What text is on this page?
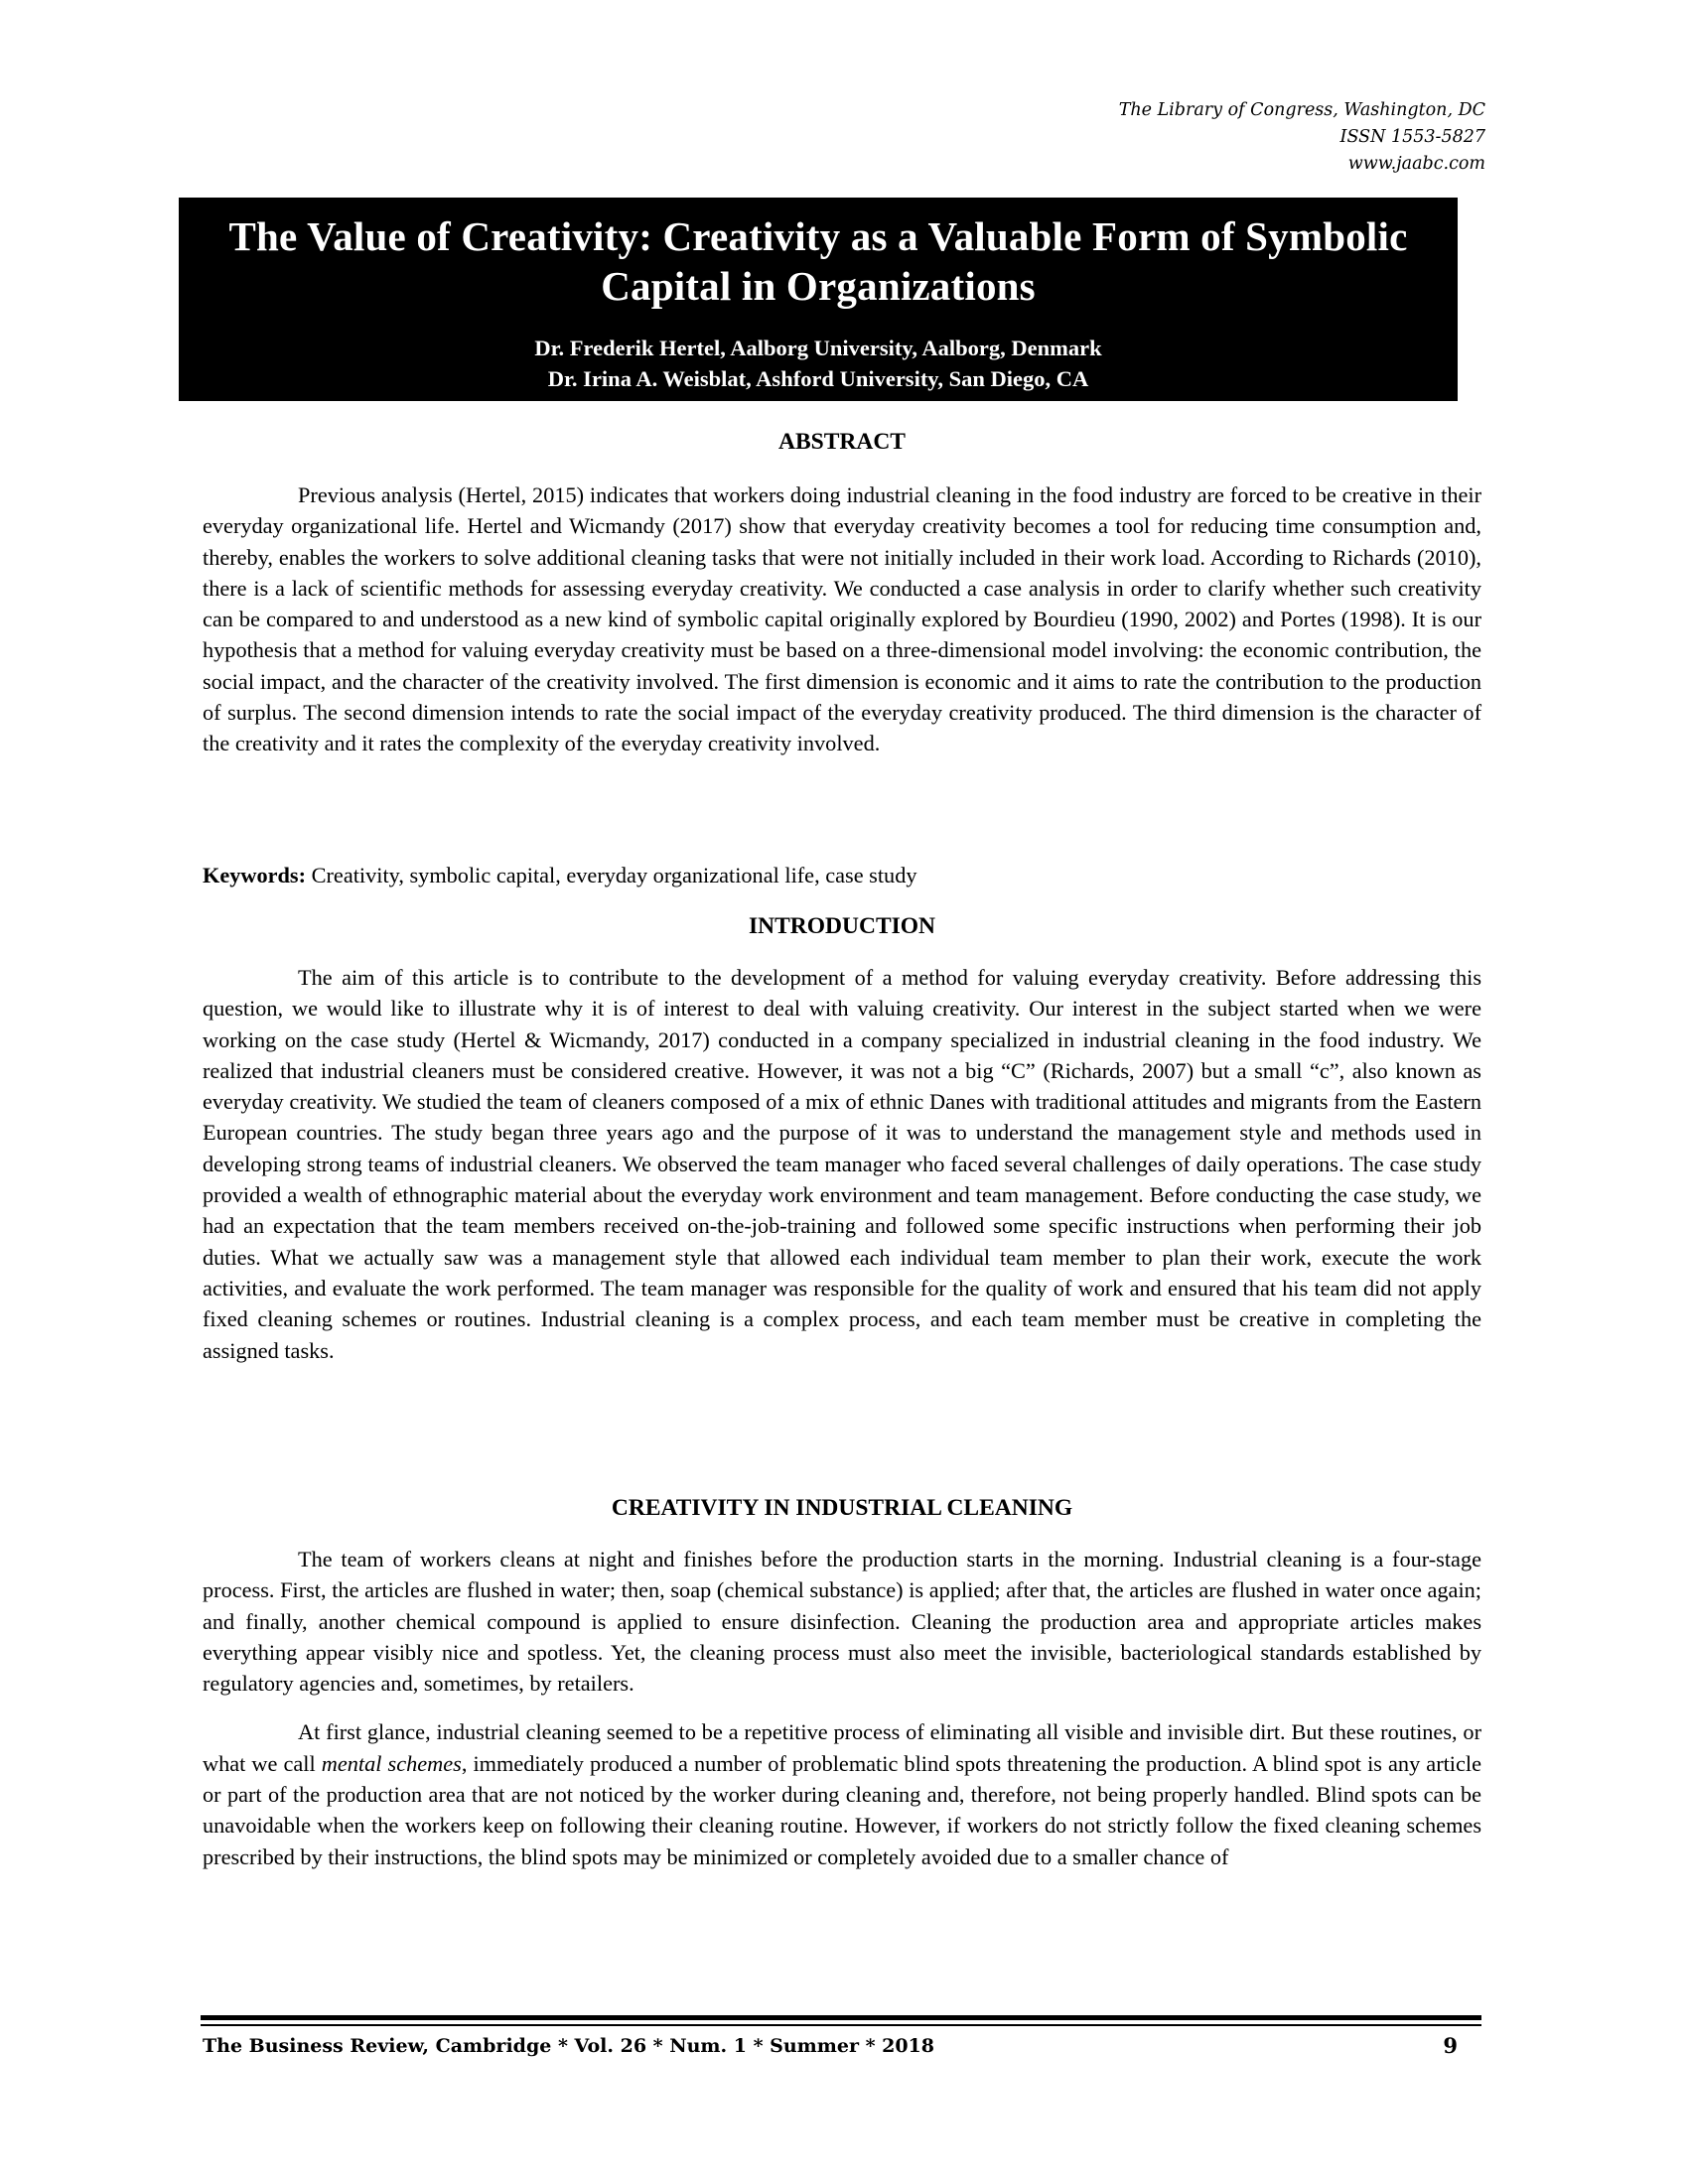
The Library of Congress, Washington, DC
ISSN 1553-5827
www.jaabc.com
The Value of Creativity: Creativity as a Valuable Form of Symbolic Capital in Organizations
Dr. Frederik Hertel, Aalborg University, Aalborg, Denmark
Dr. Irina A. Weisblat, Ashford University, San Diego, CA
ABSTRACT

Previous analysis (Hertel, 2015) indicates that workers doing industrial cleaning in the food industry are forced to be creative in their everyday organizational life. Hertel and Wicmandy (2017) show that everyday creativity becomes a tool for reducing time consumption and, thereby, enables the workers to solve additional cleaning tasks that were not initially included in their work load. According to Richards (2010), there is a lack of scientific methods for assessing everyday creativity. We conducted a case analysis in order to clarify whether such creativity can be compared to and understood as a new kind of symbolic capital originally explored by Bourdieu (1990, 2002) and Portes (1998). It is our hypothesis that a method for valuing everyday creativity must be based on a three-dimensional model involving: the economic contribution, the social impact, and the character of the creativity involved. The first dimension is economic and it aims to rate the contribution to the production of surplus. The second dimension intends to rate the social impact of the everyday creativity produced. The third dimension is the character of the creativity and it rates the complexity of the everyday creativity involved.

Keywords: Creativity, symbolic capital, everyday organizational life, case study

INTRODUCTION

The aim of this article is to contribute to the development of a method for valuing everyday creativity. Before addressing this question, we would like to illustrate why it is of interest to deal with valuing creativity. Our interest in the subject started when we were working on the case study (Hertel & Wicmandy, 2017) conducted in a company specialized in industrial cleaning in the food industry. We realized that industrial cleaners must be considered creative. However, it was not a big “C” (Richards, 2007) but a small “c”, also known as everyday creativity. We studied the team of cleaners composed of a mix of ethnic Danes with traditional attitudes and migrants from the Eastern European countries. The study began three years ago and the purpose of it was to understand the management style and methods used in developing strong teams of industrial cleaners. We observed the team manager who faced several challenges of daily operations. The case study provided a wealth of ethnographic material about the everyday work environment and team management. Before conducting the case study, we had an expectation that the team members received on-the-job-training and followed some specific instructions when performing their job duties. What we actually saw was a management style that allowed each individual team member to plan their work, execute the work activities, and evaluate the work performed. The team manager was responsible for the quality of work and ensured that his team did not apply fixed cleaning schemes or routines. Industrial cleaning is a complex process, and each team member must be creative in completing the assigned tasks.

CREATIVITY IN INDUSTRIAL CLEANING

The team of workers cleans at night and finishes before the production starts in the morning. Industrial cleaning is a four-stage process. First, the articles are flushed in water; then, soap (chemical substance) is applied; after that, the articles are flushed in water once again; and finally, another chemical compound is applied to ensure disinfection. Cleaning the production area and appropriate articles makes everything appear visibly nice and spotless. Yet, the cleaning process must also meet the invisible, bacteriological standards established by regulatory agencies and, sometimes, by retailers.

At first glance, industrial cleaning seemed to be a repetitive process of eliminating all visible and invisible dirt. But these routines, or what we call mental schemes, immediately produced a number of problematic blind spots threatening the production. A blind spot is any article or part of the production area that are not noticed by the worker during cleaning and, therefore, not being properly handled. Blind spots can be unavoidable when the workers keep on following their cleaning routine. However, if workers do not strictly follow the fixed cleaning schemes prescribed by their instructions, the blind spots may be minimized or completely avoided due to a smaller chance of

The Business Review, Cambridge * Vol. 26 * Num. 1 * Summer * 2018	9
